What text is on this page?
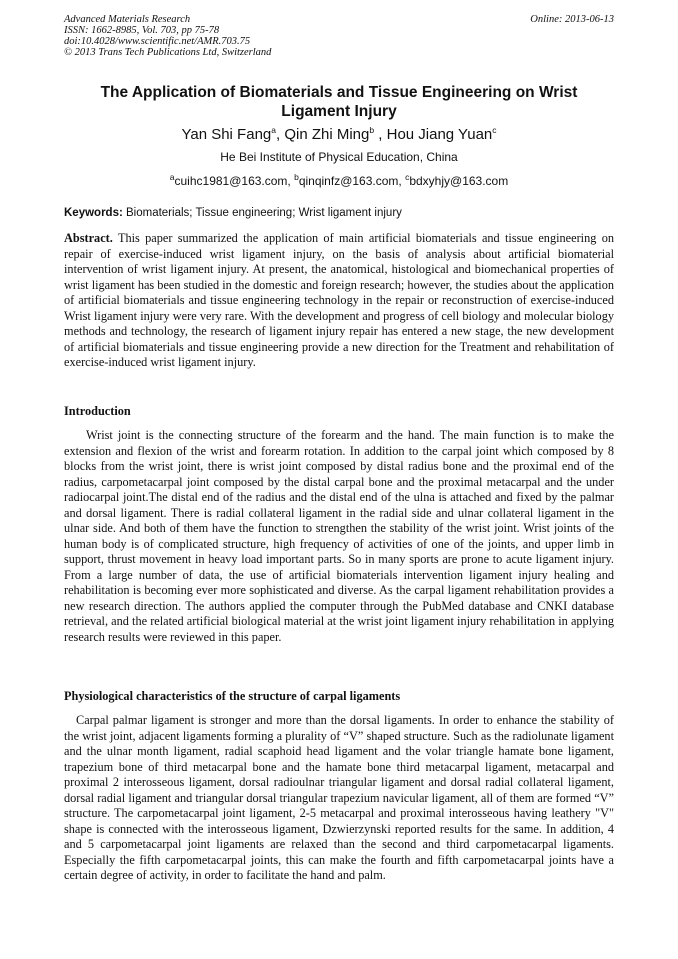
Advanced Materials Research
ISSN: 1662-8985, Vol. 703, pp 75-78
doi:10.4028/www.scientific.net/AMR.703.75
© 2013 Trans Tech Publications Ltd, Switzerland
Online: 2013-06-13
The Application of Biomaterials and Tissue Engineering on Wrist Ligament Injury
Yan Shi Fang$^a$, Qin Zhi Ming$^b$ , Hou Jiang Yuan$^c$
He Bei Institute of Physical Education, China
$^a$cuihc1981@163.com, $^b$qinqinfz@163.com, $^c$bdxyhjy@163.com
Keywords: Biomaterials; Tissue engineering; Wrist ligament injury
Abstract. This paper summarized the application of main artificial biomaterials and tissue engineering on repair of exercise-induced wrist ligament injury, on the basis of analysis about artificial biomaterial intervention of wrist ligament injury. At present, the anatomical, histological and biomechanical properties of wrist ligament has been studied in the domestic and foreign research; however, the studies about the application of artificial biomaterials and tissue engineering technology in the repair or reconstruction of exercise-induced Wrist ligament injury were very rare. With the development and progress of cell biology and molecular biology methods and technology, the research of ligament injury repair has entered a new stage, the new development of artificial biomaterials and tissue engineering provide a new direction for the Treatment and rehabilitation of exercise-induced wrist ligament injury.
Introduction
Wrist joint is the connecting structure of the forearm and the hand. The main function is to make the extension and flexion of the wrist and forearm rotation. In addition to the carpal joint which composed by 8 blocks from the wrist joint, there is wrist joint composed by distal radius bone and the proximal end of the radius, carpometacarpal joint composed by the distal carpal bone and the proximal metacarpal and the under radiocarpal joint.The distal end of the radius and the distal end of the ulna is attached and fixed by the palmar and dorsal ligament. There is radial collateral ligament in the radial side and ulnar collateral ligament in the ulnar side. And both of them have the function to strengthen the stability of the wrist joint. Wrist joints of the human body is of complicated structure, high frequency of activities of one of the joints, and upper limb in support, thrust movement in heavy load important parts. So in many sports are prone to acute ligament injury. From a large number of data, the use of artificial biomaterials intervention ligament injury healing and rehabilitation is becoming ever more sophisticated and diverse. As the carpal ligament rehabilitation provides a new research direction. The authors applied the computer through the PubMed database and CNKI database retrieval, and the related artificial biological material at the wrist joint ligament injury rehabilitation in applying research results were reviewed in this paper.
Physiological characteristics of the structure of carpal ligaments
Carpal palmar ligament is stronger and more than the dorsal ligaments. In order to enhance the stability of the wrist joint, adjacent ligaments forming a plurality of “V” shaped structure. Such as the radiolunate ligament and the ulnar month ligament, radial scaphoid head ligament and the volar triangle hamate bone ligament, trapezium bone of third metacarpal bone and the hamate bone third metacarpal ligament, metacarpal and proximal 2 interosseous ligament, dorsal radioulnar triangular ligament and dorsal radial collateral ligament, dorsal radial ligament and triangular dorsal triangular trapezium navicular ligament, all of them are formed “V” structure. The carpometacarpal joint ligament, 2-5 metacarpal and proximal interosseous having leathery "V" shape is connected with the interosseous ligament, Dzwierzynski reported results for the same. In addition, 4 and 5 carpometacarpal joint ligaments are relaxed than the second and third carpometacarpal ligaments. Especially the fifth carpometacarpal joints, this can make the fourth and fifth carpometacarpal joints have a certain degree of activity, in order to facilitate the hand and palm.
